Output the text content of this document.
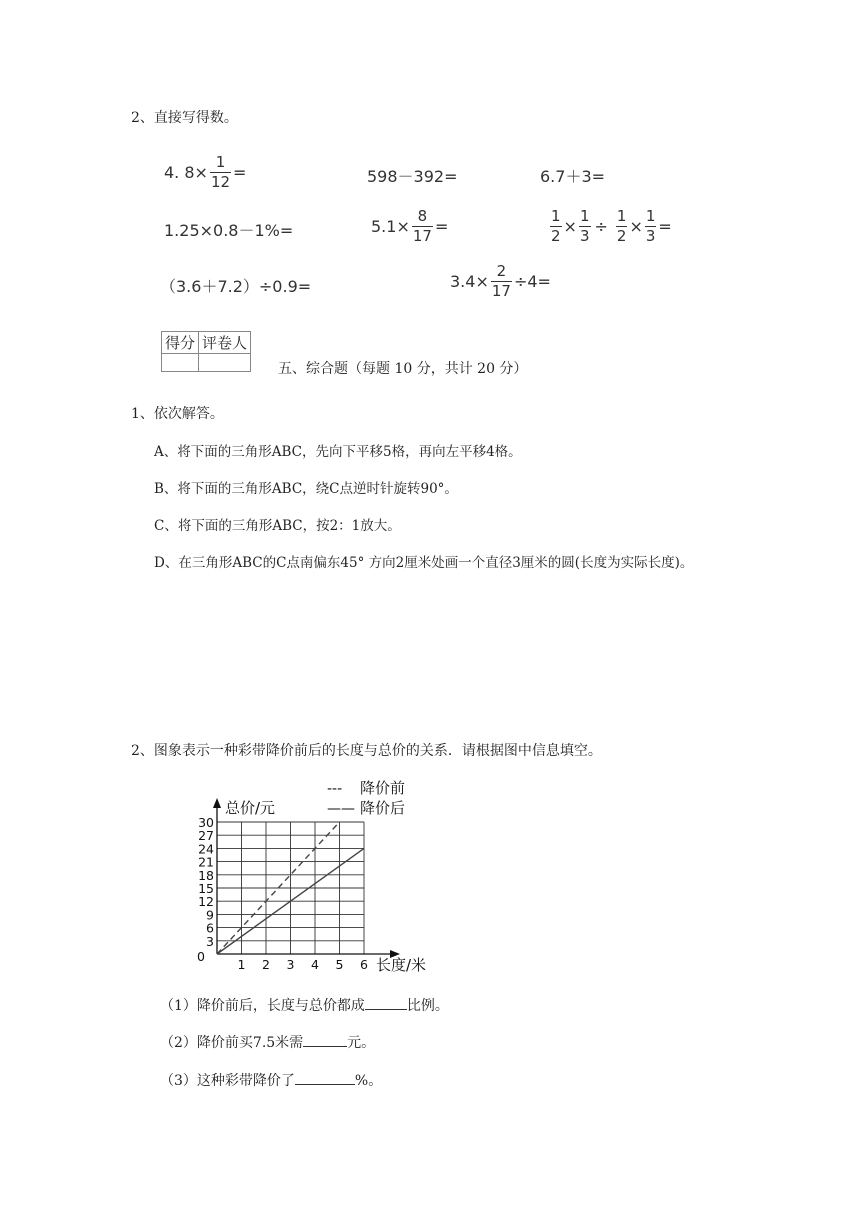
2、直接写得数。
4. $8\times \frac{1}{12}$ =	598－392=	6.7＋3=
1.25×0.8－1%=	$5.1\times \frac{8}{17}$ =	$\frac{1}{2} \times \frac{1}{3} \div \frac{1}{2} \times \frac{1}{3}$ =
（3.6＋7.2）÷0.9=	$3.4\times \frac{2}{17} \div 4=$
得分	评卷人

五、综合题（每题 10 分，共计 20 分）
1、依次解答。
A、将下面的三角形ABC，先向下平移5格，再向左平移4格。
B、将下面的三角形ABC，绕C点逆时针旋转90°。
C、将下面的三角形ABC，按2：1放大。
D、在三角形ABC的C点南偏东45° 方向2厘米处画一个直径3厘米的圆(长度为实际长度)。
2、图象表示一种彩带降价前后的长度与总价的关系．请根据图中信息填空。
总价/元
长度/米
3
6
9
12
15
18
21
24
27
30
0
1 2 3 4 5 6
--- 降价前
—— 降价后
（1）降价前后，长度与总价都成	比例。
（2）降价前买7.5米需	元。
（3）这种彩带降价了	%。
